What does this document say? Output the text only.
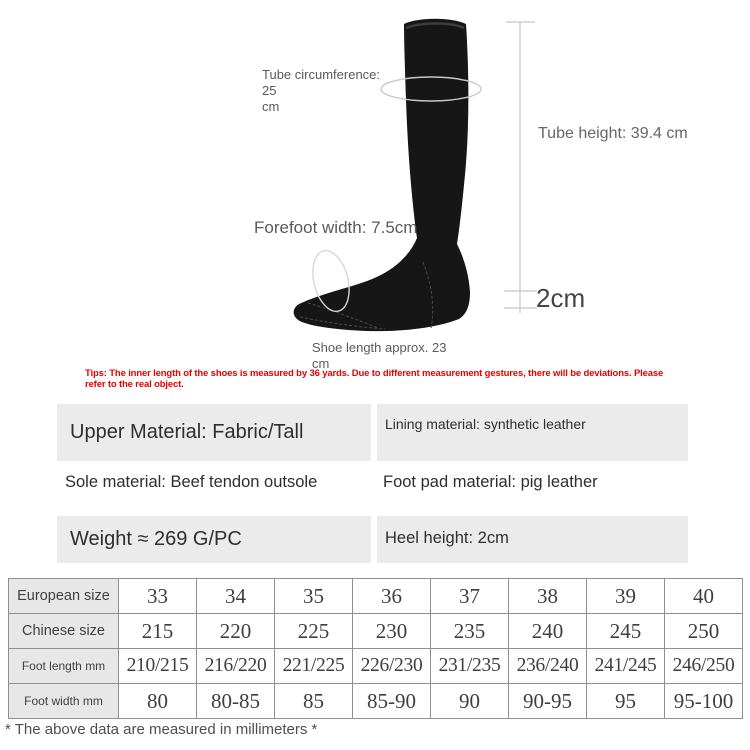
Tube circumference: 25
cm
Tube height: 39.4 cm
Forefoot width: 7.5cm
2cm
Shoe length approx. 23
cm
Tips: The inner length of the shoes is measured by 36 yards. Due to different measurement gestures, there will be deviations. Please refer to the real object.
Upper Material: Fabric/Tall	Lining material: synthetic leather
Sole material: Beef tendon outsole	Foot pad material: pig leather
Weight ≈ 269 G/PC	Heel height: 2cm
European size	33	34	35	36	37	38	39	40
Chinese size	215	220	225	230	235	240	245	250
Foot length mm	210/215	216/220	221/225	226/230	231/235	236/240	241/245	246/250
Foot width mm	80	80-85	85	85-90	90	90-95	95	95-100
* The above data are measured in millimeters *
